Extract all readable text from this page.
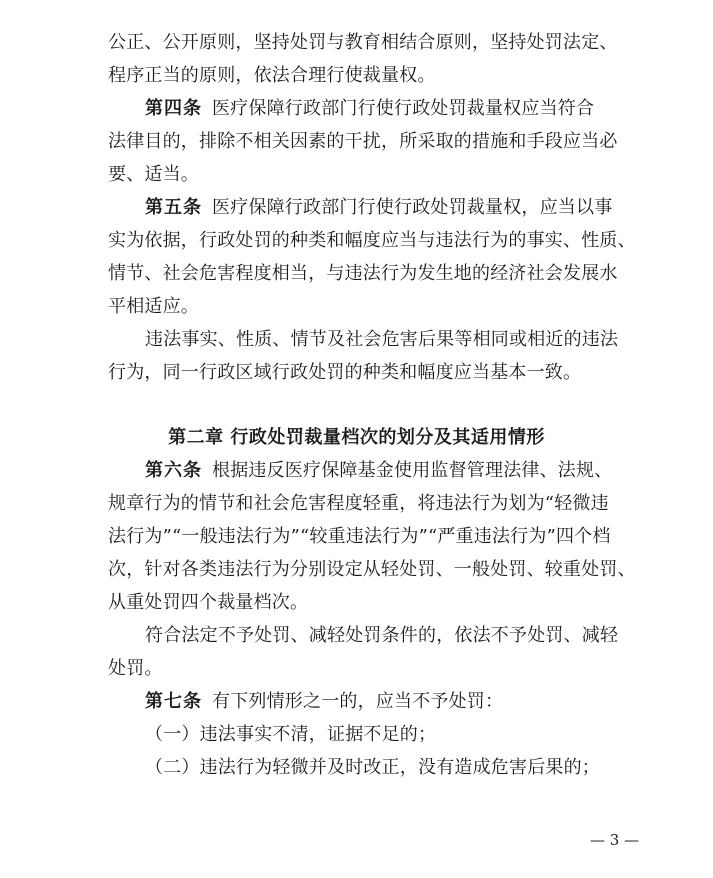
公正、公开原则，坚持处罚与教育相结合原则，坚持处罚法定、
程序正当的原则，依法合理行使裁量权。
第四条 医疗保障行政部门行使行政处罚裁量权应当符合
法律目的，排除不相关因素的干扰，所采取的措施和手段应当必
要、适当。
第五条 医疗保障行政部门行使行政处罚裁量权，应当以事
实为依据，行政处罚的种类和幅度应当与违法行为的事实、性质、
情节、社会危害程度相当，与违法行为发生地的经济社会发展水
平相适应。
违法事实、性质、情节及社会危害后果等相同或相近的违法
行为，同一行政区域行政处罚的种类和幅度应当基本一致。
第二章 行政处罚裁量档次的划分及其适用情形
第六条 根据违反医疗保障基金使用监督管理法律、法规、
规章行为的情节和社会危害程度轻重，将违法行为划为“轻微违
法行为”“一般违法行为”“较重违法行为”“严重违法行为”四个档
次，针对各类违法行为分别设定从轻处罚、一般处罚、较重处罚、
从重处罚四个裁量档次。
符合法定不予处罚、减轻处罚条件的，依法不予处罚、减轻
处罚。
第七条 有下列情形之一的，应当不予处罚：
（一）违法事实不清，证据不足的；
（二）违法行为轻微并及时改正，没有造成危害后果的；
— 3 —
